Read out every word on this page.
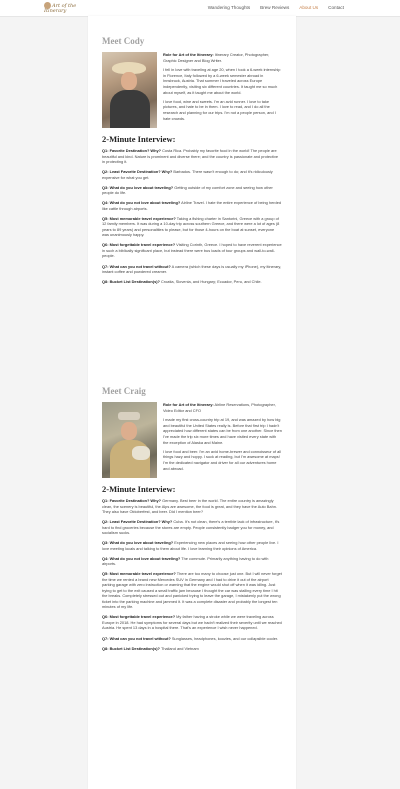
Art of the Itinerary
Wandering Thoughts Brew Reviews About Us Contact
Meet Cody

Role for Art of the Itinerary: Itinerary Creator, Photographer, Graphic Designer and Blog Writer.

I fell in love with traveling at age 20, when I took a 6-week internship in Florence, Italy followed by a 6-week semester abroad in Innsbruck, Austria. That summer I traveled across Europe independently, visiting six different countries. It taught me so much about myself, as it taught me about the world.

I love food, wine and sweets. I'm an avid runner. I love to take pictures, and hate to be in them. I love to read, and I do all the research and planning for our trips. I'm not a people person, and I hate crowds.

2-Minute Interview:

Q1: Favorite Destination? Why? Costa Rica. Probably my favorite food in the world! The people are beautiful and kind. Nature is prominent and diverse there; and the country is passionate and protective in protecting it.

Q2: Least Favorite Destination? Why? Barbados. There wasn't enough to do; and it's ridiculously expensive for what you get.

Q3: What do you love about traveling? Getting outside of my comfort zone and seeing how other people do life.

Q4: What do you not love about traveling? Airline Travel. I hate the entire experience of being herded like cattle through airports.

Q5: Most memorable travel experience? Taking a fishing charter in Santorini, Greece with a group of 12 family members. It was during a 10-day trip across southern Greece, and there were a lot of ages (8 years to 89 years) and personalities to please, but for those 4-hours on the boat at sunset, everyone was unanimously happy.

Q6: Most forgettable travel experience? Visiting Corinth, Greece. I hoped to have reverent experience in such a biblically significant place, but instead there were bus loads of tour groups and wall-to-wall-people.

Q7: What can you not travel without? A camera (which these days is usually my iPhone), my itinerary, instant coffee and powdered creamer.

Q8: Bucket List Destination(s)? Croatia, Slovenia, and Hungary; Ecuador, Peru, and Chile.

Meet Craig

Role for Art of the Itinerary: Airline Reservations, Photographer, Video Editor and CFO

I made my first cross-country trip at 19, and was amazed by how big and beautiful the United States really is. Before that first trip I hadn't appreciated how different states can be from one another. Since then I've made the trip six more times and have visited every state with the exception of Alaska and Maine.

I love food and beer. I'm an avid home-brewer and connoisseur of all things hazy and hoppy. I suck at reading, but I'm awesome at maps! I'm the dedicated navigator and driver for all our adventures home and abroad.

2-Minute Interview:

Q1: Favorite Destination? Why? Germany. Best beer in the world. The entire country is amazingly clean, the scenery is beautiful, the Alps are awesome, the food is great, and they have the Auto Bahn. They also have Oktoberfest, and beer. Did I mention beer?

Q2: Least Favorite Destination? Why? Cuba. It's not clean, there's a terrible lack of infrastructure, it's hard to find groceries because the stores are empty. People consistently badger you for money, and socialism sucks.

Q3: What do you love about traveling? Experiencing new places and seeing how other people live. I love meeting locals and talking to them about life. I love learning their opinions of America.

Q4: What do you not love about traveling? The commute. Primarily anything having to do with airports.

Q5: Most memorable travel experience? There are too many to choose just one. But I will never forget the time we rented a brand new Mercedes SUV in Germany and I had to drive it out of the airport parking garage with zero instruction or warning that the engine would shut off when it was idling. Just trying to get to the exit caused a small traffic jam because I thought the car was stalling every time I hit the breaks. Completely stressed out and panicked trying to leave the garage, I mistakenly put the wrong ticket into the parking machine and jammed it. It was a complete disaster and probably the longest ten minutes of my life.

Q6: Most forgettable travel experience? My father having a stroke while we were traveling across Europe in 2018. He had symptoms for several days but we hadn't realized their severity until we reached Austria. He spent 13 days in a hospital there. That's an experience I wish never happened.

Q7: What can you not travel without? Sunglasses, headphones, koozies, and our collapsible cooler.

Q8: Bucket List Destination(s)? Thailand and Vietnam
